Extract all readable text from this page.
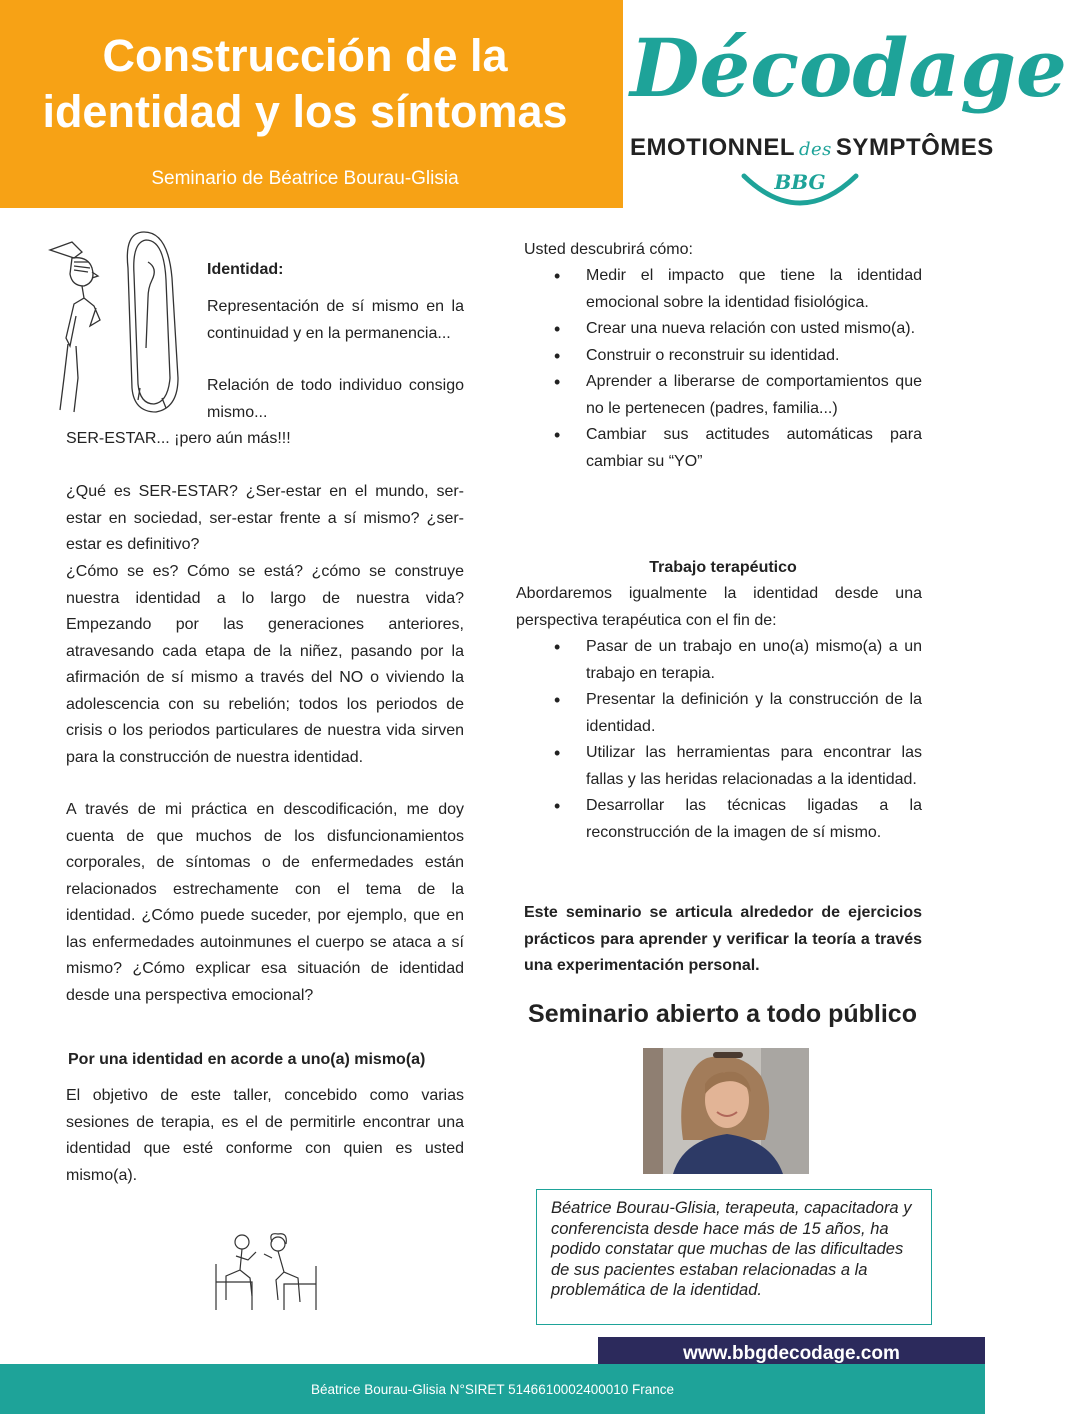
Construcción de la
identidad y los síntomas
Seminario de Béatrice Bourau-Glisia
Décodage
EMOTIONNEL des SYMPTÔMES
BBG
Identidad:
Representación de sí mismo en la continuidad y en la permanencia...
Relación de todo individuo consigo mismo...
SER-ESTAR... ¡pero aún más!!!
¿Qué es SER-ESTAR? ¿Ser-estar en el mundo, ser-estar en sociedad, ser-estar frente a sí mismo? ¿ser-estar es definitivo?
¿Cómo se es? Cómo se está? ¿cómo se construye nuestra identidad a lo largo de nuestra vida? Empezando por las generaciones anteriores, atravesando cada etapa de la niñez, pasando por la afirmación de sí mismo a través del NO o viviendo la adolescencia con su rebelión; todos los periodos de crisis o los periodos particulares de nuestra vida sirven para la construcción de nuestra identidad.
A través de mi práctica en descodificación, me doy cuenta de que muchos de los disfuncionamientos corporales, de síntomas o de enfermedades están relacionados estrechamente con el tema de la identidad. ¿Cómo puede suceder, por ejemplo, que en las enfermedades autoinmunes el cuerpo se ataca a sí mismo? ¿Cómo explicar esa situación de identidad desde una perspectiva emocional?
Por una identidad en acorde a uno(a) mismo(a)
El objetivo de este taller, concebido como varias sesiones de terapia, es el de permitirle encontrar una identidad que esté conforme con quien es usted mismo(a).
Usted descubrirá cómo:
• Medir el impacto que tiene la identidad emocional sobre la identidad fisiológica.
• Crear una nueva relación con usted mismo(a).
• Construir o reconstruir su identidad.
• Aprender a liberarse de comportamientos que no le pertenecen (padres, familia...)
• Cambiar sus actitudes automáticas para cambiar su “YO”
Trabajo terapéutico
Abordaremos igualmente la identidad desde una perspectiva terapéutica con el fin de:
• Pasar de un trabajo en uno(a) mismo(a) a un trabajo en terapia.
• Presentar la definición y la construcción de la identidad.
• Utilizar las herramientas para encontrar las fallas y las heridas relacionadas a la identidad.
• Desarrollar las técnicas ligadas a la reconstrucción de la imagen de sí mismo.
Este seminario se articula alrededor de ejercicios prácticos para aprender y verificar la teoría a través una experimentación personal.
Seminario abierto a todo público
Béatrice Bourau-Glisia, terapeuta, capacitadora y conferencista desde hace más de 15 años, ha podido constatar que muchas de las dificultades de sus pacientes estaban relacionadas a la problemática de la identidad.
www.bbgdecodage.com
Béatrice Bourau-Glisia N°SIRET 5146610002400010 France
